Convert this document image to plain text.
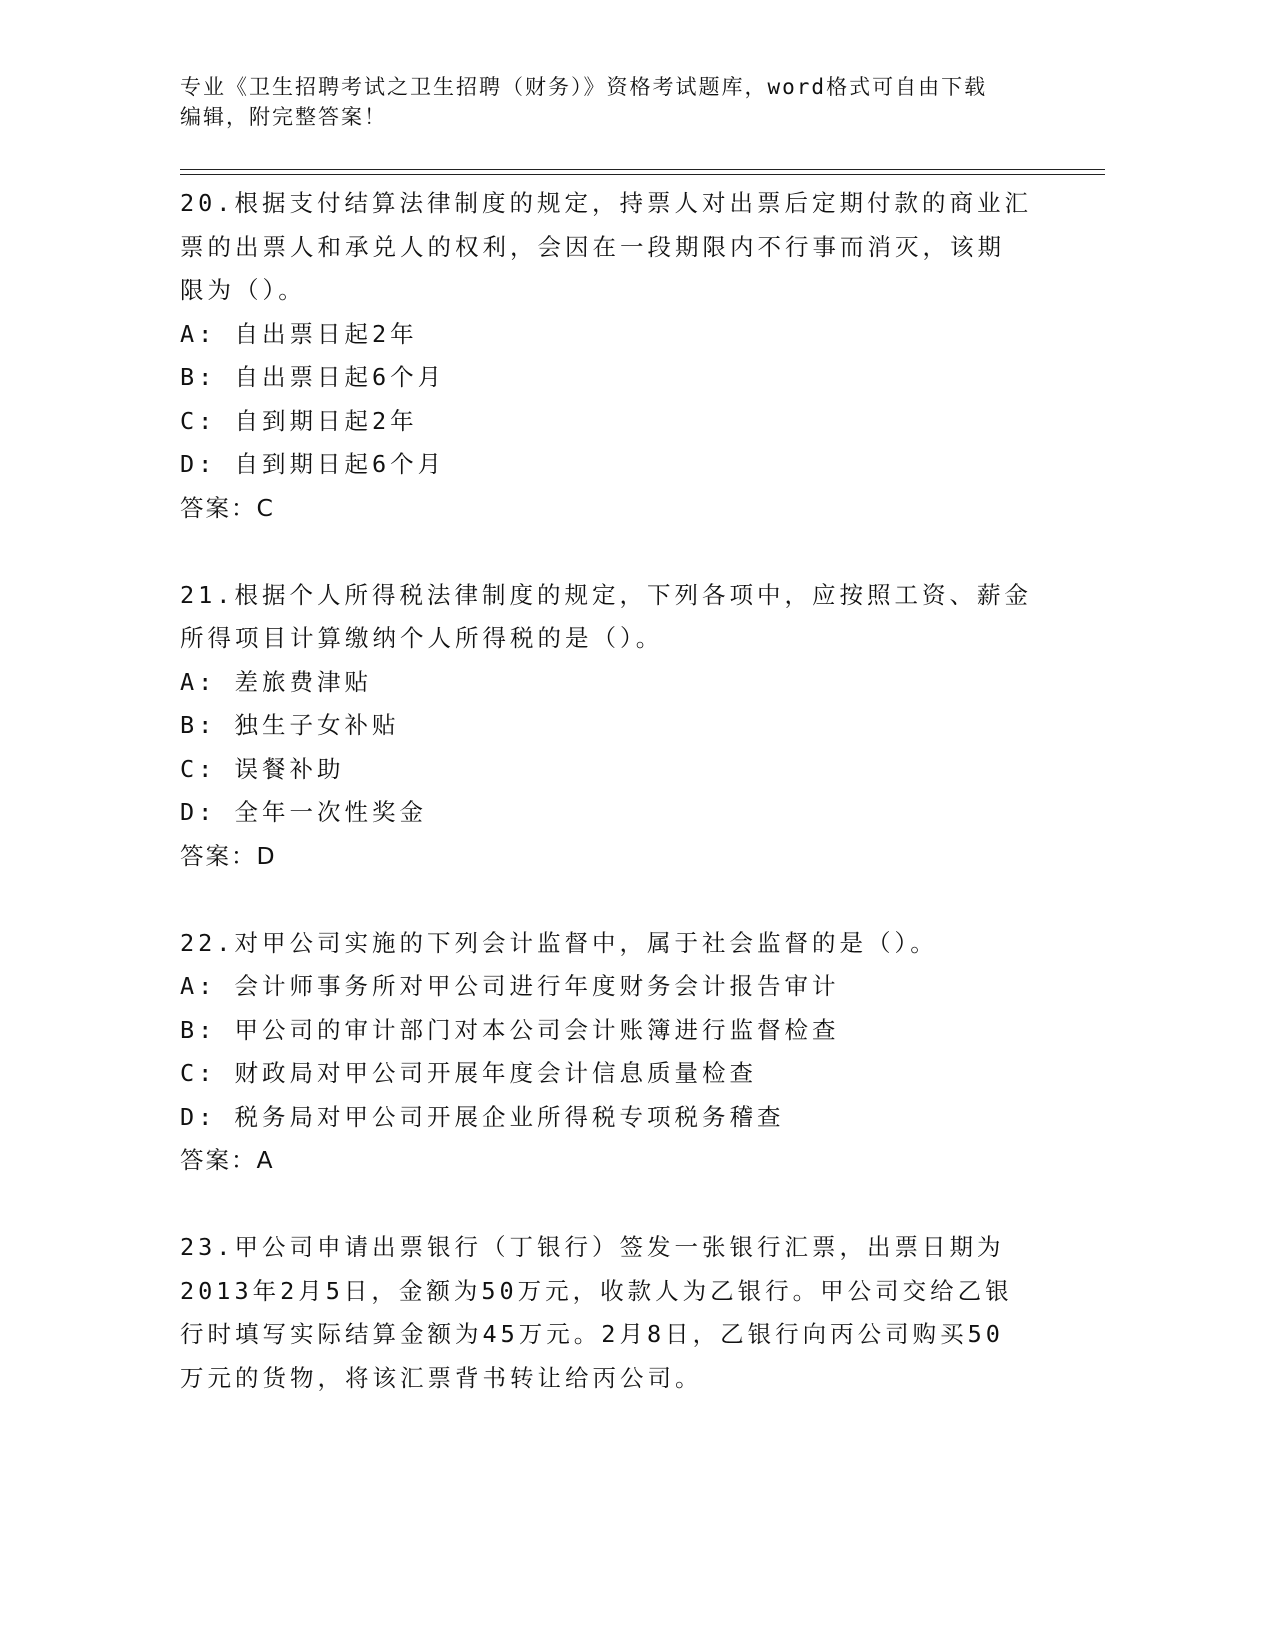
专业《卫生招聘考试之卫生招聘（财务）》资格考试题库，word格式可自由下载
编辑，附完整答案！

20.根据支付结算法律制度的规定，持票人对出票后定期付款的商业汇

票的出票人和承兑人的权利，会因在一段期限内不行事而消灭，该期

限为（）。

A: 自出票日起2年

B: 自出票日起6个月

C: 自到期日起2年

D: 自到期日起6个月

答案：C

21.根据个人所得税法律制度的规定，下列各项中，应按照工资、薪金

所得项目计算缴纳个人所得税的是（）。

A: 差旅费津贴

B: 独生子女补贴

C: 误餐补助

D: 全年一次性奖金

答案：D

22.对甲公司实施的下列会计监督中，属于社会监督的是（）。

A: 会计师事务所对甲公司进行年度财务会计报告审计

B: 甲公司的审计部门对本公司会计账簿进行监督检查

C: 财政局对甲公司开展年度会计信息质量检查

D: 税务局对甲公司开展企业所得税专项税务稽查

答案：A

23.甲公司申请出票银行（丁银行）签发一张银行汇票，出票日期为

2013年2月5日，金额为50万元，收款人为乙银行。甲公司交给乙银

行时填写实际结算金额为45万元。2月8日，乙银行向丙公司购买50

万元的货物，将该汇票背书转让给丙公司。
